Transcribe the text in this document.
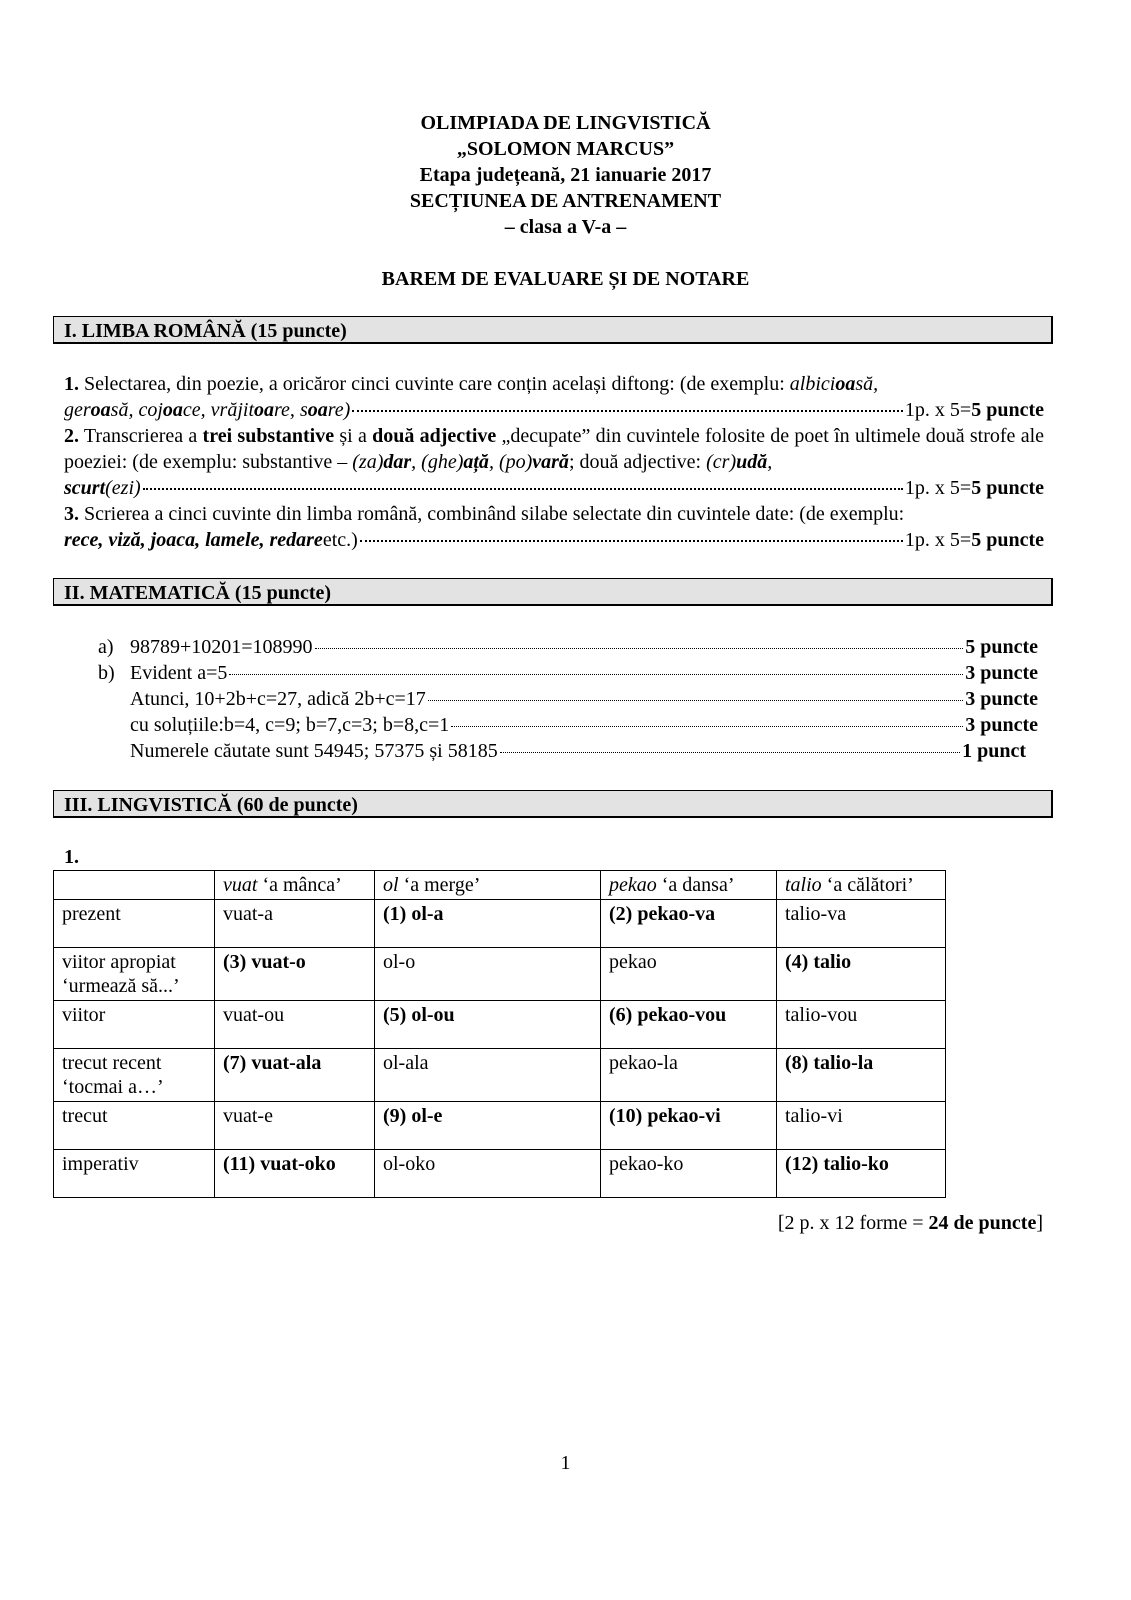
OLIMPIADA DE LINGVISTICĂ
„SOLOMON MARCUS”
Etapa județeană, 21 ianuarie 2017
SECȚIUNEA DE ANTRENAMENT
– clasa a V-a –
BAREM DE EVALUARE ȘI DE NOTARE
I. LIMBA ROMÂNĂ (15 puncte)
1. Selectarea, din poezie, a oricăror cinci cuvinte care conțin același diftong: (de exemplu: albicioasă,
geroasă, cojoace, vrăjitoare, soare)	1p. x 5= 5 puncte
2. Transcrierea a trei substantive și a două adjective „decupate” din cuvintele folosite de poet în ultimele două strofe ale poeziei: (de exemplu: substantive – (za)dar, (ghe)ață, (po)vară; două adjective: (cr)udă,
scurt(ezi)	1p. x 5= 5 puncte
3. Scrierea a cinci cuvinte din limba română, combinând silabe selectate din cuvintele date: (de exemplu:
rece, viză, joaca, lamele, redare etc.)	1p. x 5= 5 puncte
II. MATEMATICĂ (15 puncte)
a) 98789+10201=108990	5 puncte
b) Evident a=5	3 puncte
Atunci, 10+2b+c=27, adică 2b+c=17	3 puncte
cu soluțiile:b=4, c=9; b=7,c=3; b=8,c=1	3 puncte
Numerele căutate sunt 54945; 57375 și 58185	1 punct
III. LINGVISTICĂ (60 de puncte)
1.
	vuat ‘a mânca’	ol ‘a merge’	pekao ‘a dansa’	talio ‘a călători’
prezent	vuat-a	(1) ol-a	(2) pekao-va	talio-va
viitor apropiat ‘urmează să...’	(3) vuat-o	ol-o	pekao	(4) talio
viitor	vuat-ou	(5) ol-ou	(6) pekao-vou	talio-vou
trecut recent ‘tocmai a…’	(7) vuat-ala	ol-ala	pekao-la	(8) talio-la
trecut	vuat-e	(9) ol-e	(10) pekao-vi	talio-vi
imperativ	(11) vuat-oko	ol-oko	pekao-ko	(12) talio-ko
[2 p. x 12 forme = 24 de puncte]
1
